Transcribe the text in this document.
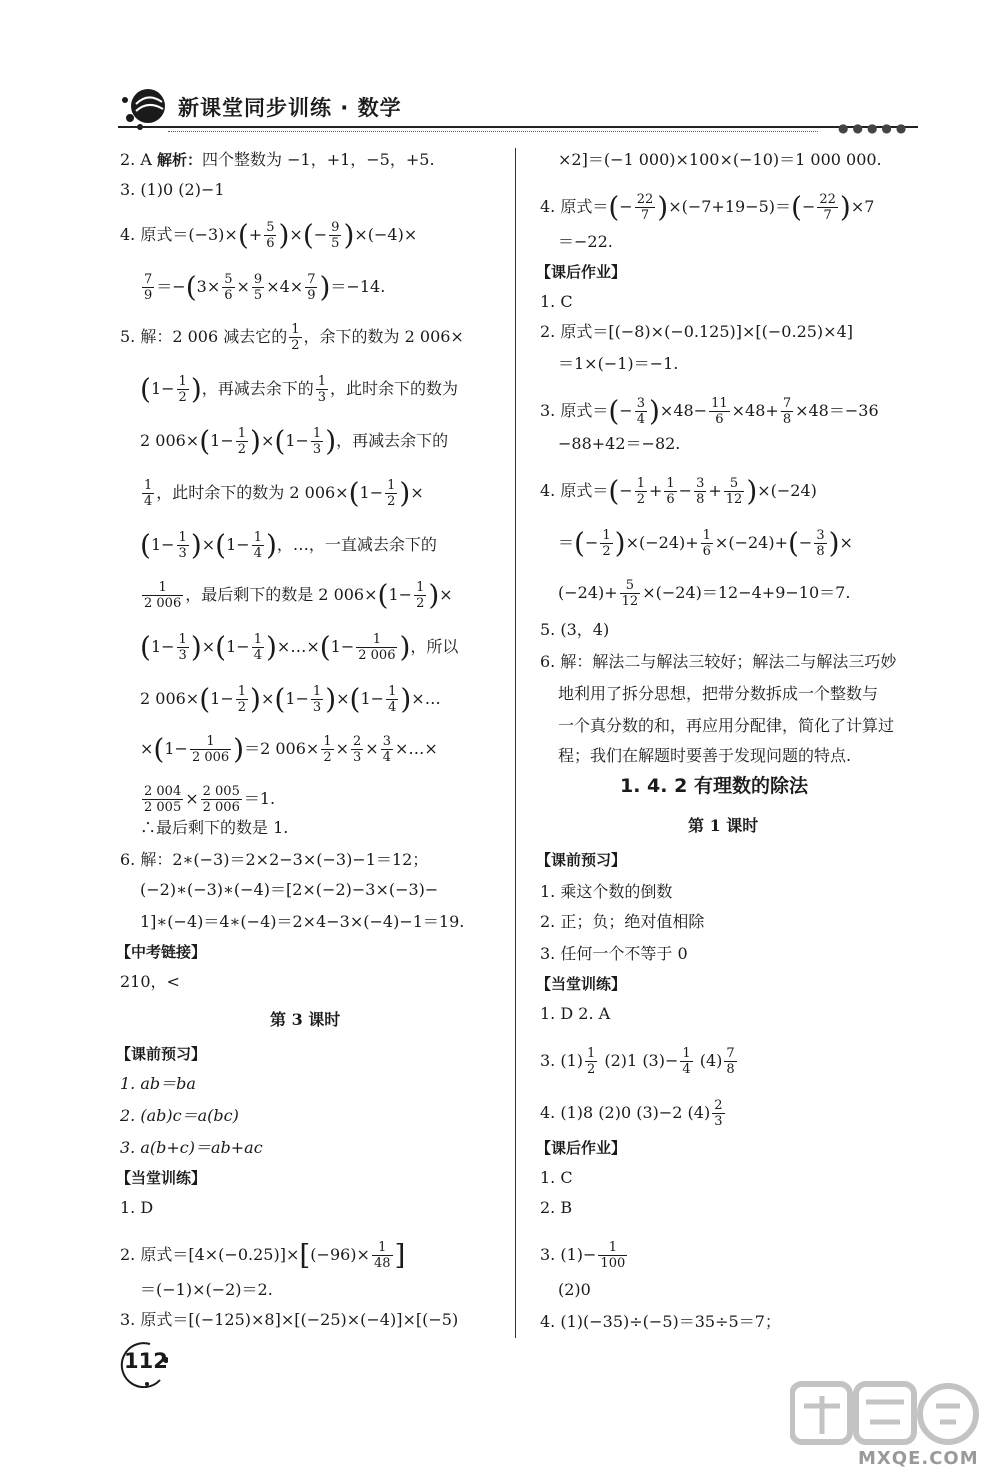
新课堂同步训练 · 数学
●●●●●
2. A 解析：四个整数为 −1，+1，−5，+5.
3. (1)0 (2)−1
4. 原式$=(-3)\times(+ \frac{5}{6}$ )×(− $\frac{9}{5} )\times(-4)\times$
$\frac{7}{9} =-(3\times \frac{5}{6} \times \frac{9}{5} \times 4\times \frac{7}{9} )=-14$.
5. 解：2 006 减去它的 $\frac{1}{2}$ ，余下的数为 2 006×
($1- \frac{1}{2}$ )，再减去余下的 $\frac{1}{3}$ ，此时余下的数为
2 $006\times(1- \frac{1}{2} )\times(1- \frac{1}{3}$ )，再减去余下的
$\frac{1}{4}$ ，此时余下的数为 2 $006\times(1- \frac{1}{2}$ )×
$(1- \frac{1}{3} )\times(1- \frac{1}{4}$ )，…，一直减去余下的
$\frac{1}{2 006}$ ，最后剩下的数是 2 $006\times(1- \frac{1}{2}$ )×
$(1- \frac{1}{3} )\times(1- \frac{1}{4}$ )×…×(1− $\frac{1}{2 006}$ )，所以
2 $006\times(1- \frac{1}{2} )\times(1- \frac{1}{3} )\times(1- \frac{1}{4}$ )×…
$\times(1- \frac{1}{2 006} )=2$ $006\times \frac{1}{2} \times \frac{2}{3} \times \frac{3}{4}$ ×…×
$\frac{2 004}{2 005} \times \frac{2 005}{2 006} =1$.
∴最后剩下的数是 1.
6. 解：2∗(−3)＝2×2−3×(−3)−1＝12；
(−2)∗(−3)∗(−4)＝[2×(−2)−3×(−3)−
1]∗(−4)＝4∗(−4)＝2×4−3×(−4)−1＝19.
【中考链接】
210，<
第 3 课时
【课前预习】
1. ab＝ba
2. (ab)c＝a(bc)
3. a(b+c)＝ab+ac
【当堂训练】
1. D
2. 原式$=[4\times(-0.25)]\times[(-96)\times \frac{1}{48}$ ]
＝(−1)×(−2)＝2.
3. 原式＝[(−125)×8]×[(−25)×(−4)]×[(−5)
×2]＝(−1 000)×100×(−10)＝1 000 000.
4. 原式＝(− $\frac{22}{7} )\times(-7+19-5)=(- \frac{22}{7} )\times 7$
＝−22.
【课后作业】
1. C
2. 原式＝[(−8)×(−0.125)]×[(−0.25)×4]
＝1×(−1)＝−1.
3. 原式＝(− $\frac{3}{4} )\times 48- \frac{11}{6} \times 48+ \frac{7}{8} \times 48=-36$
−88+42＝−82.
4. 原式＝(− $\frac{1}{2} + \frac{1}{6} - \frac{3}{8} + \frac{5}{12} )\times(-24)$
＝(− $\frac{1}{2} )\times(-24)+ \frac{1}{6} \times(-24)+(- \frac{3}{8}$ )×
$(-24)+ \frac{5}{12} \times(-24)=12-4+9-10=7$.
5. (3，4)
6. 解：解法二与解法三较好；解法二与解法三巧妙
地利用了拆分思想，把带分数拆成一个整数与
一个真分数的和，再应用分配律，简化了计算过
程；我们在解题时要善于发现问题的特点.
1. 4. 2 有理数的除法
第 1 课时
【课前预习】
1. 乘这个数的倒数
2. 正；负；绝对值相除
3. 任何一个不等于 0
【当堂训练】
1. D 2. A
3. $(1) \frac{1}{2} (2)1$ $(3)- \frac{1}{4} (4) \frac{7}{8}$
4. (1)8 (2)0 (3)−2 $(4) \frac{2}{3}$
【课后作业】
1. C
2. B
3. $(1)- \frac{1}{100}$
(2)0
4. (1)(−35)÷(−5)＝35÷5＝7；
112
MXQE.COM
